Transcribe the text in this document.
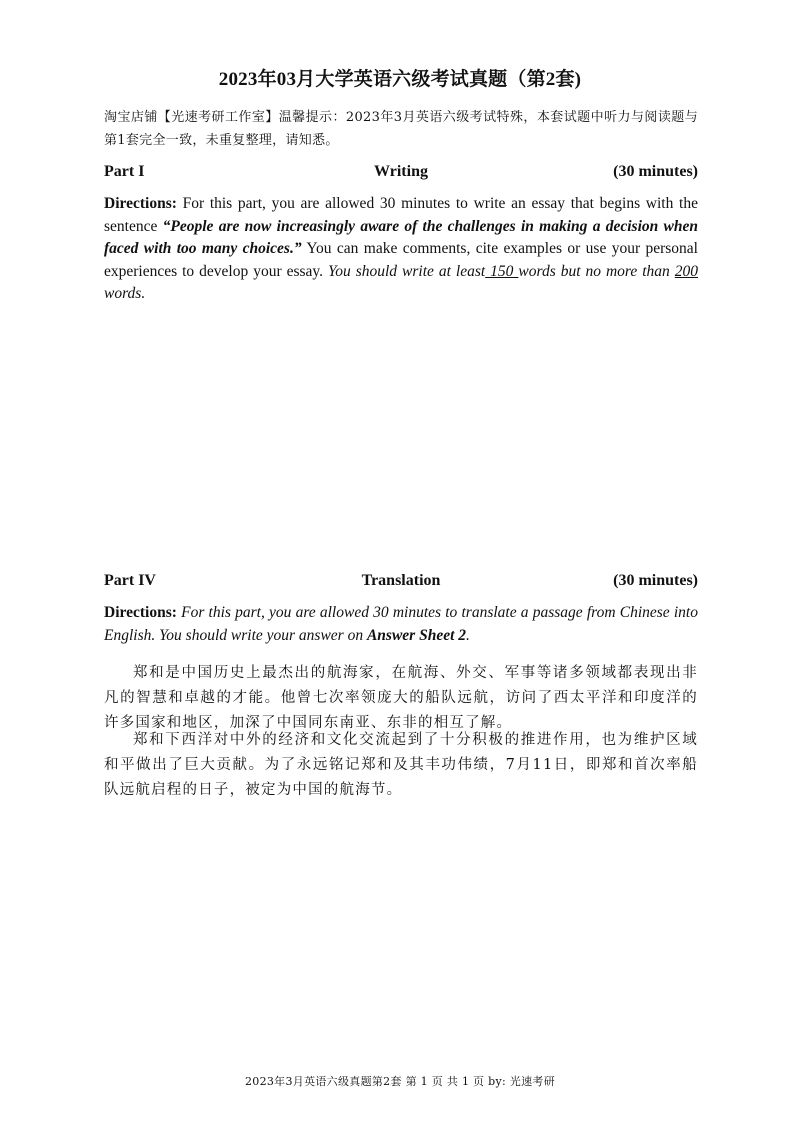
2023年03月大学英语六级考试真题（第2套)
淘宝店铺【光速考研工作室】温馨提示：2023年3月英语六级考试特殊，本套试题中听力与阅读题与第1套完全一致，未重复整理，请知悉。
Part I	Writing	(30 minutes)
Directions: For this part, you are allowed 30 minutes to write an essay that begins with the sentence “People are now increasingly aware of the challenges in making a decision when faced with too many choices.” You can make comments, cite examples or use your personal experiences to develop your essay. You should write at least 150 words but no more than 200 words.
Part IV	Translation	(30 minutes)
Directions: For this part, you are allowed 30 minutes to translate a passage from Chinese into English. You should write your answer on Answer Sheet 2.
郑和是中国历史上最杰出的航海家，在航海、外交、军事等诸多领域都表现出非凡的智慧和卓越的才能。他曾七次率领庞大的船队远航，访问了西太平洋和印度洋的许多国家和地区，加深了中国同东南亚、东非的相互了解。
郑和下西洋对中外的经济和文化交流起到了十分积极的推进作用，也为维护区域和平做出了巨大贡献。为了永远铭记郑和及其丰功伟绩，7月11日，即郑和首次率船队远航启程的日子，被定为中国的航海节。
2023年3月英语六级真题第2套 第 1 页 共 1 页 by: 光速考研
